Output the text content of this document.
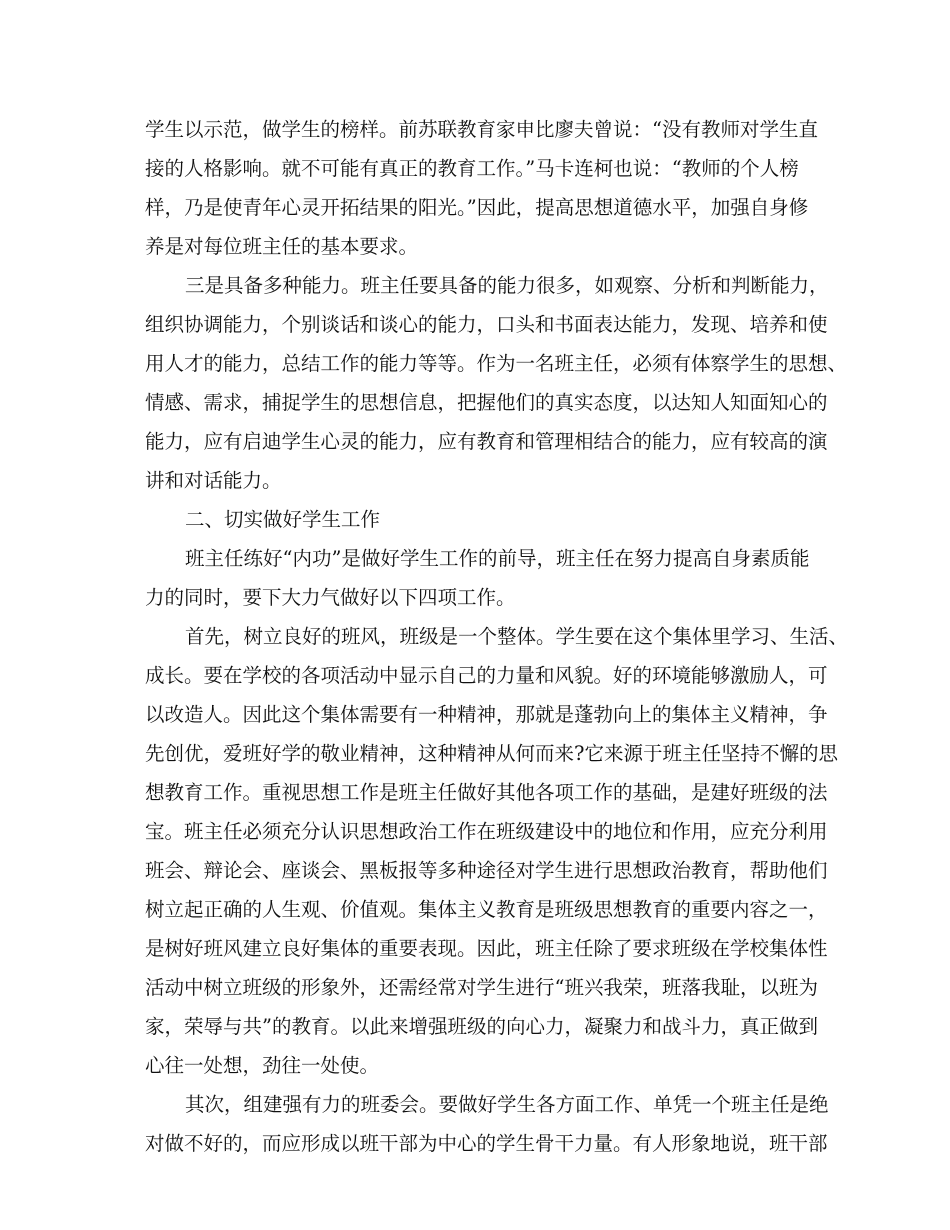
学生以示范，做学生的榜样。前苏联教育家申比廖夫曾说：“没有教师对学生直
接的人格影响。就不可能有真正的教育工作。”马卡连柯也说：“教师的个人榜
样，乃是使青年心灵开拓结果的阳光。”因此，提高思想道德水平，加强自身修
养是对每位班主任的基本要求。
三是具备多种能力。班主任要具备的能力很多，如观察、分析和判断能力，
组织协调能力，个别谈话和谈心的能力，口头和书面表达能力，发现、培养和使
用人才的能力，总结工作的能力等等。作为一名班主任，必须有体察学生的思想、
情感、需求，捕捉学生的思想信息，把握他们的真实态度，以达知人知面知心的
能力，应有启迪学生心灵的能力，应有教育和管理相结合的能力，应有较高的演
讲和对话能力。
二、切实做好学生工作
班主任练好“内功”是做好学生工作的前导，班主任在努力提高自身素质能
力的同时，要下大力气做好以下四项工作。
首先，树立良好的班风，班级是一个整体。学生要在这个集体里学习、生活、
成长。要在学校的各项活动中显示自己的力量和风貌。好的环境能够激励人，可
以改造人。因此这个集体需要有一种精神，那就是蓬勃向上的集体主义精神，争
先创优，爱班好学的敬业精神，这种精神从何而来?它来源于班主任坚持不懈的思
想教育工作。重视思想工作是班主任做好其他各项工作的基础，是建好班级的法
宝。班主任必须充分认识思想政治工作在班级建设中的地位和作用，应充分利用
班会、辩论会、座谈会、黑板报等多种途径对学生进行思想政治教育，帮助他们
树立起正确的人生观、价值观。集体主义教育是班级思想教育的重要内容之一，
是树好班风建立良好集体的重要表现。因此，班主任除了要求班级在学校集体性
活动中树立班级的形象外，还需经常对学生进行“班兴我荣，班落我耻，以班为
家，荣辱与共”的教育。以此来增强班级的向心力，凝聚力和战斗力，真正做到
心往一处想，劲往一处使。
其次，组建强有力的班委会。要做好学生各方面工作、单凭一个班主任是绝
对做不好的，而应形成以班干部为中心的学生骨干力量。有人形象地说，班干部
